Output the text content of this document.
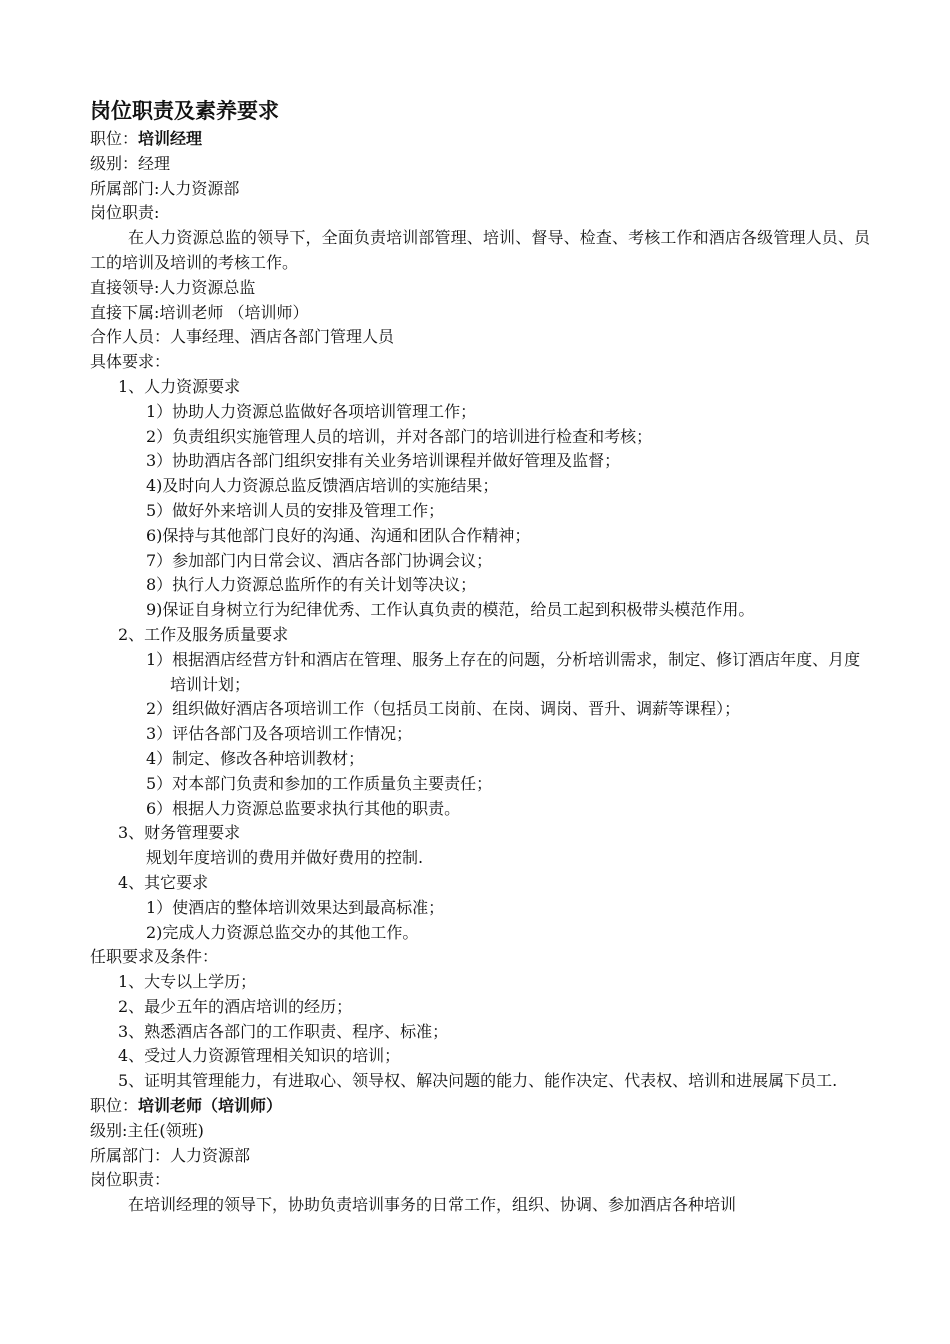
岗位职责及素养要求
职位：培训经理
级别：经理
所属部门:人力资源部
岗位职责:
在人力资源总监的领导下，全面负责培训部管理、培训、督导、检查、考核工作和酒店各级管理人员、员工的培训及培训的考核工作。
直接领导:人力资源总监
直接下属:培训老师 （培训师）
合作人员：人事经理、酒店各部门管理人员
具体要求：
1、人力资源要求
1）协助人力资源总监做好各项培训管理工作；
2）负责组织实施管理人员的培训，并对各部门的培训进行检查和考核；
3）协助酒店各部门组织安排有关业务培训课程并做好管理及监督；
4)及时向人力资源总监反馈酒店培训的实施结果；
5）做好外来培训人员的安排及管理工作；
6)保持与其他部门良好的沟通、沟通和团队合作精神；
7）参加部门内日常会议、酒店各部门协调会议；
8）执行人力资源总监所作的有关计划等决议；
9)保证自身树立行为纪律优秀、工作认真负责的模范，给员工起到积极带头模范作用。
2、工作及服务质量要求
1）根据酒店经营方针和酒店在管理、服务上存在的问题，分析培训需求，制定、修订酒店年度、月度培训计划；
2）组织做好酒店各项培训工作（包括员工岗前、在岗、调岗、晋升、调薪等课程）；
3）评估各部门及各项培训工作情况；
4）制定、修改各种培训教材；
5）对本部门负责和参加的工作质量负主要责任；
6）根据人力资源总监要求执行其他的职责。
3、财务管理要求
规划年度培训的费用并做好费用的控制.
4、其它要求
1）使酒店的整体培训效果达到最高标准；
2)完成人力资源总监交办的其他工作。
任职要求及条件：
1、大专以上学历；
2、最少五年的酒店培训的经历；
3、熟悉酒店各部门的工作职责、程序、标准；
4、受过人力资源管理相关知识的培训；
5、证明其管理能力，有进取心、领导权、解决问题的能力、能作决定、代表权、培训和进展属下员工.
职位：培训老师（培训师）
级别:主任(领班)
所属部门：人力资源部
岗位职责：
在培训经理的领导下，协助负责培训事务的日常工作，组织、协调、参加酒店各种培训
